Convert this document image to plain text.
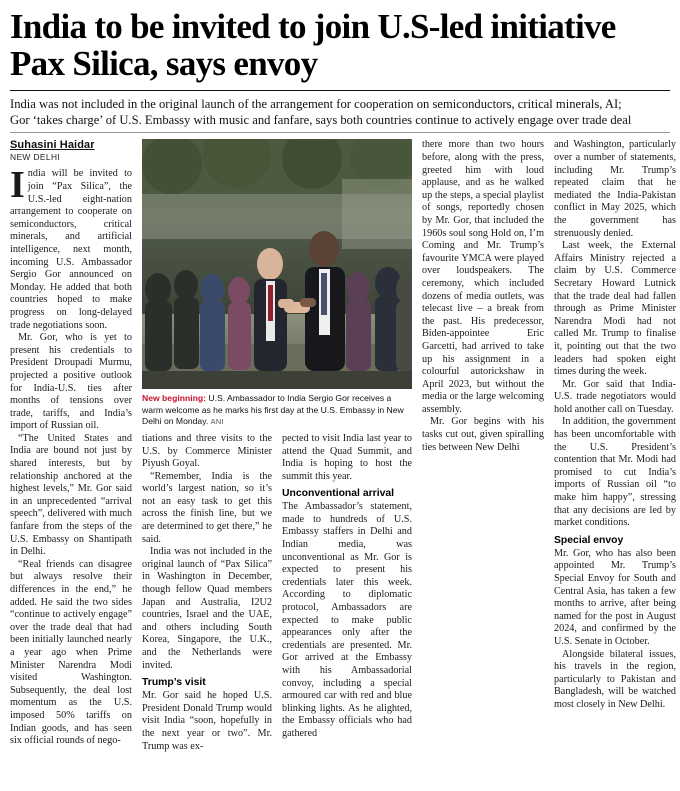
India to be invited to join U.S-led initiative Pax Silica, says envoy
India was not included in the original launch of the arrangement for cooperation on semiconductors, critical minerals, AI;
Gor ‘takes charge’ of U.S. Embassy with music and fanfare, says both countries continue to actively engage over trade deal
Suhasini Haidar
NEW DELHI

India will be invited to join “Pax Silica”, the U.S.-led eight-nation arrangement to cooperate on semiconductors, critical minerals, and artificial intelligence, next month, incoming U.S. Ambassador Sergio Gor announced on Monday. He added that both countries hoped to make progress on long-delayed trade negotiations soon.

Mr. Gor, who is yet to present his credentials to President Droupadi Murmu, projected a positive outlook for India-U.S. ties after months of tensions over trade, tariffs, and India’s import of Russian oil.

“The United States and India are bound not just by shared interests, but by relationship anchored at the highest levels,” Mr. Gor said in an unprecedented “arrival speech”, delivered with much fanfare from the steps of the U.S. Embassy on Shantipath in Delhi.

“Real friends can disagree but always resolve their differences in the end,” he added. He said the two sides “continue to actively engage” over the trade deal that had been initially launched nearly a year ago when Prime Minister Narendra Modi visited Washington. Subsequently, the deal lost momentum as the U.S. imposed 50% tariffs on Indian goods, and has seen six official rounds of nego-

New beginning: U.S. Ambassador to India Sergio Gor receives a warm welcome as he marks his first day at the U.S. Embassy in New Delhi on Monday. ANI

tiations and three visits to the U.S. by Commerce Minister Piyush Goyal.

“Remember, India is the world’s largest nation, so it’s not an easy task to get this across the finish line, but we are determined to get there,” he said.

India was not included in the original launch of “Pax Silica” in Washington in December, though fellow Quad members Japan and Australia, I2U2 countries, Israel and the UAE, and others including South Korea, Singapore, the U.K., and the Netherlands were invited.

Trump’s visit

Mr. Gor said he hoped U.S. President Donald Trump would visit India “soon, hopefully in the next year or two”. Mr. Trump was ex-

pected to visit India last year to attend the Quad Summit, and India is hoping to host the summit this year.

Unconventional arrival

The Ambassador’s statement, made to hundreds of U.S. Embassy staffers in Delhi and Indian media, was unconventional as Mr. Gor is expected to present his credentials later this week. According to diplomatic protocol, Ambassadors are expected to make public appearances only after the credentials are presented. Mr. Gor arrived at the Embassy with his Ambassadorial convoy, including a special armoured car with red and blue blinking lights. As he alighted, the Embassy officials who had gathered

there more than two hours before, along with the press, greeted him with loud applause, and as he walked up the steps, a special playlist of songs, reportedly chosen by Mr. Gor, that included the 1960s soul song Hold on, I’m Coming and Mr. Trump’s favourite YMCA were played over loudspeakers. The ceremony, which included dozens of media outlets, was telecast live – a break from the past. His predecessor, Biden-appointee Eric Garcetti, had arrived to take up his assignment in a colourful autorickshaw in April 2023, but without the media or the large welcoming assembly.

Mr. Gor begins with his tasks cut out, given spiralling ties between New Delhi

and Washington, particularly over a number of statements, including Mr. Trump’s repeated claim that he mediated the India-Pakistan conflict in May 2025, which the government has strenuously denied.

Last week, the External Affairs Ministry rejected a claim by U.S. Commerce Secretary Howard Lutnick that the trade deal had fallen through as Prime Minister Narendra Modi had not called Mr. Trump to finalise it, pointing out that the two leaders had spoken eight times during the week.

Mr. Gor said that India-U.S. trade negotiators would hold another call on Tuesday.

In addition, the government has been uncomfortable with the U.S. President’s contention that Mr. Modi had promised to cut India’s imports of Russian oil “to make him happy”, stressing that any decisions are led by market conditions.

Special envoy

Mr. Gor, who has also been appointed Mr. Trump’s Special Envoy for South and Central Asia, has taken a few months to arrive, after being named for the post in August 2024, and confirmed by the U.S. Senate in October.

Alongside bilateral issues, his travels in the region, particularly to Pakistan and Bangladesh, will be watched most closely in New Delhi.
